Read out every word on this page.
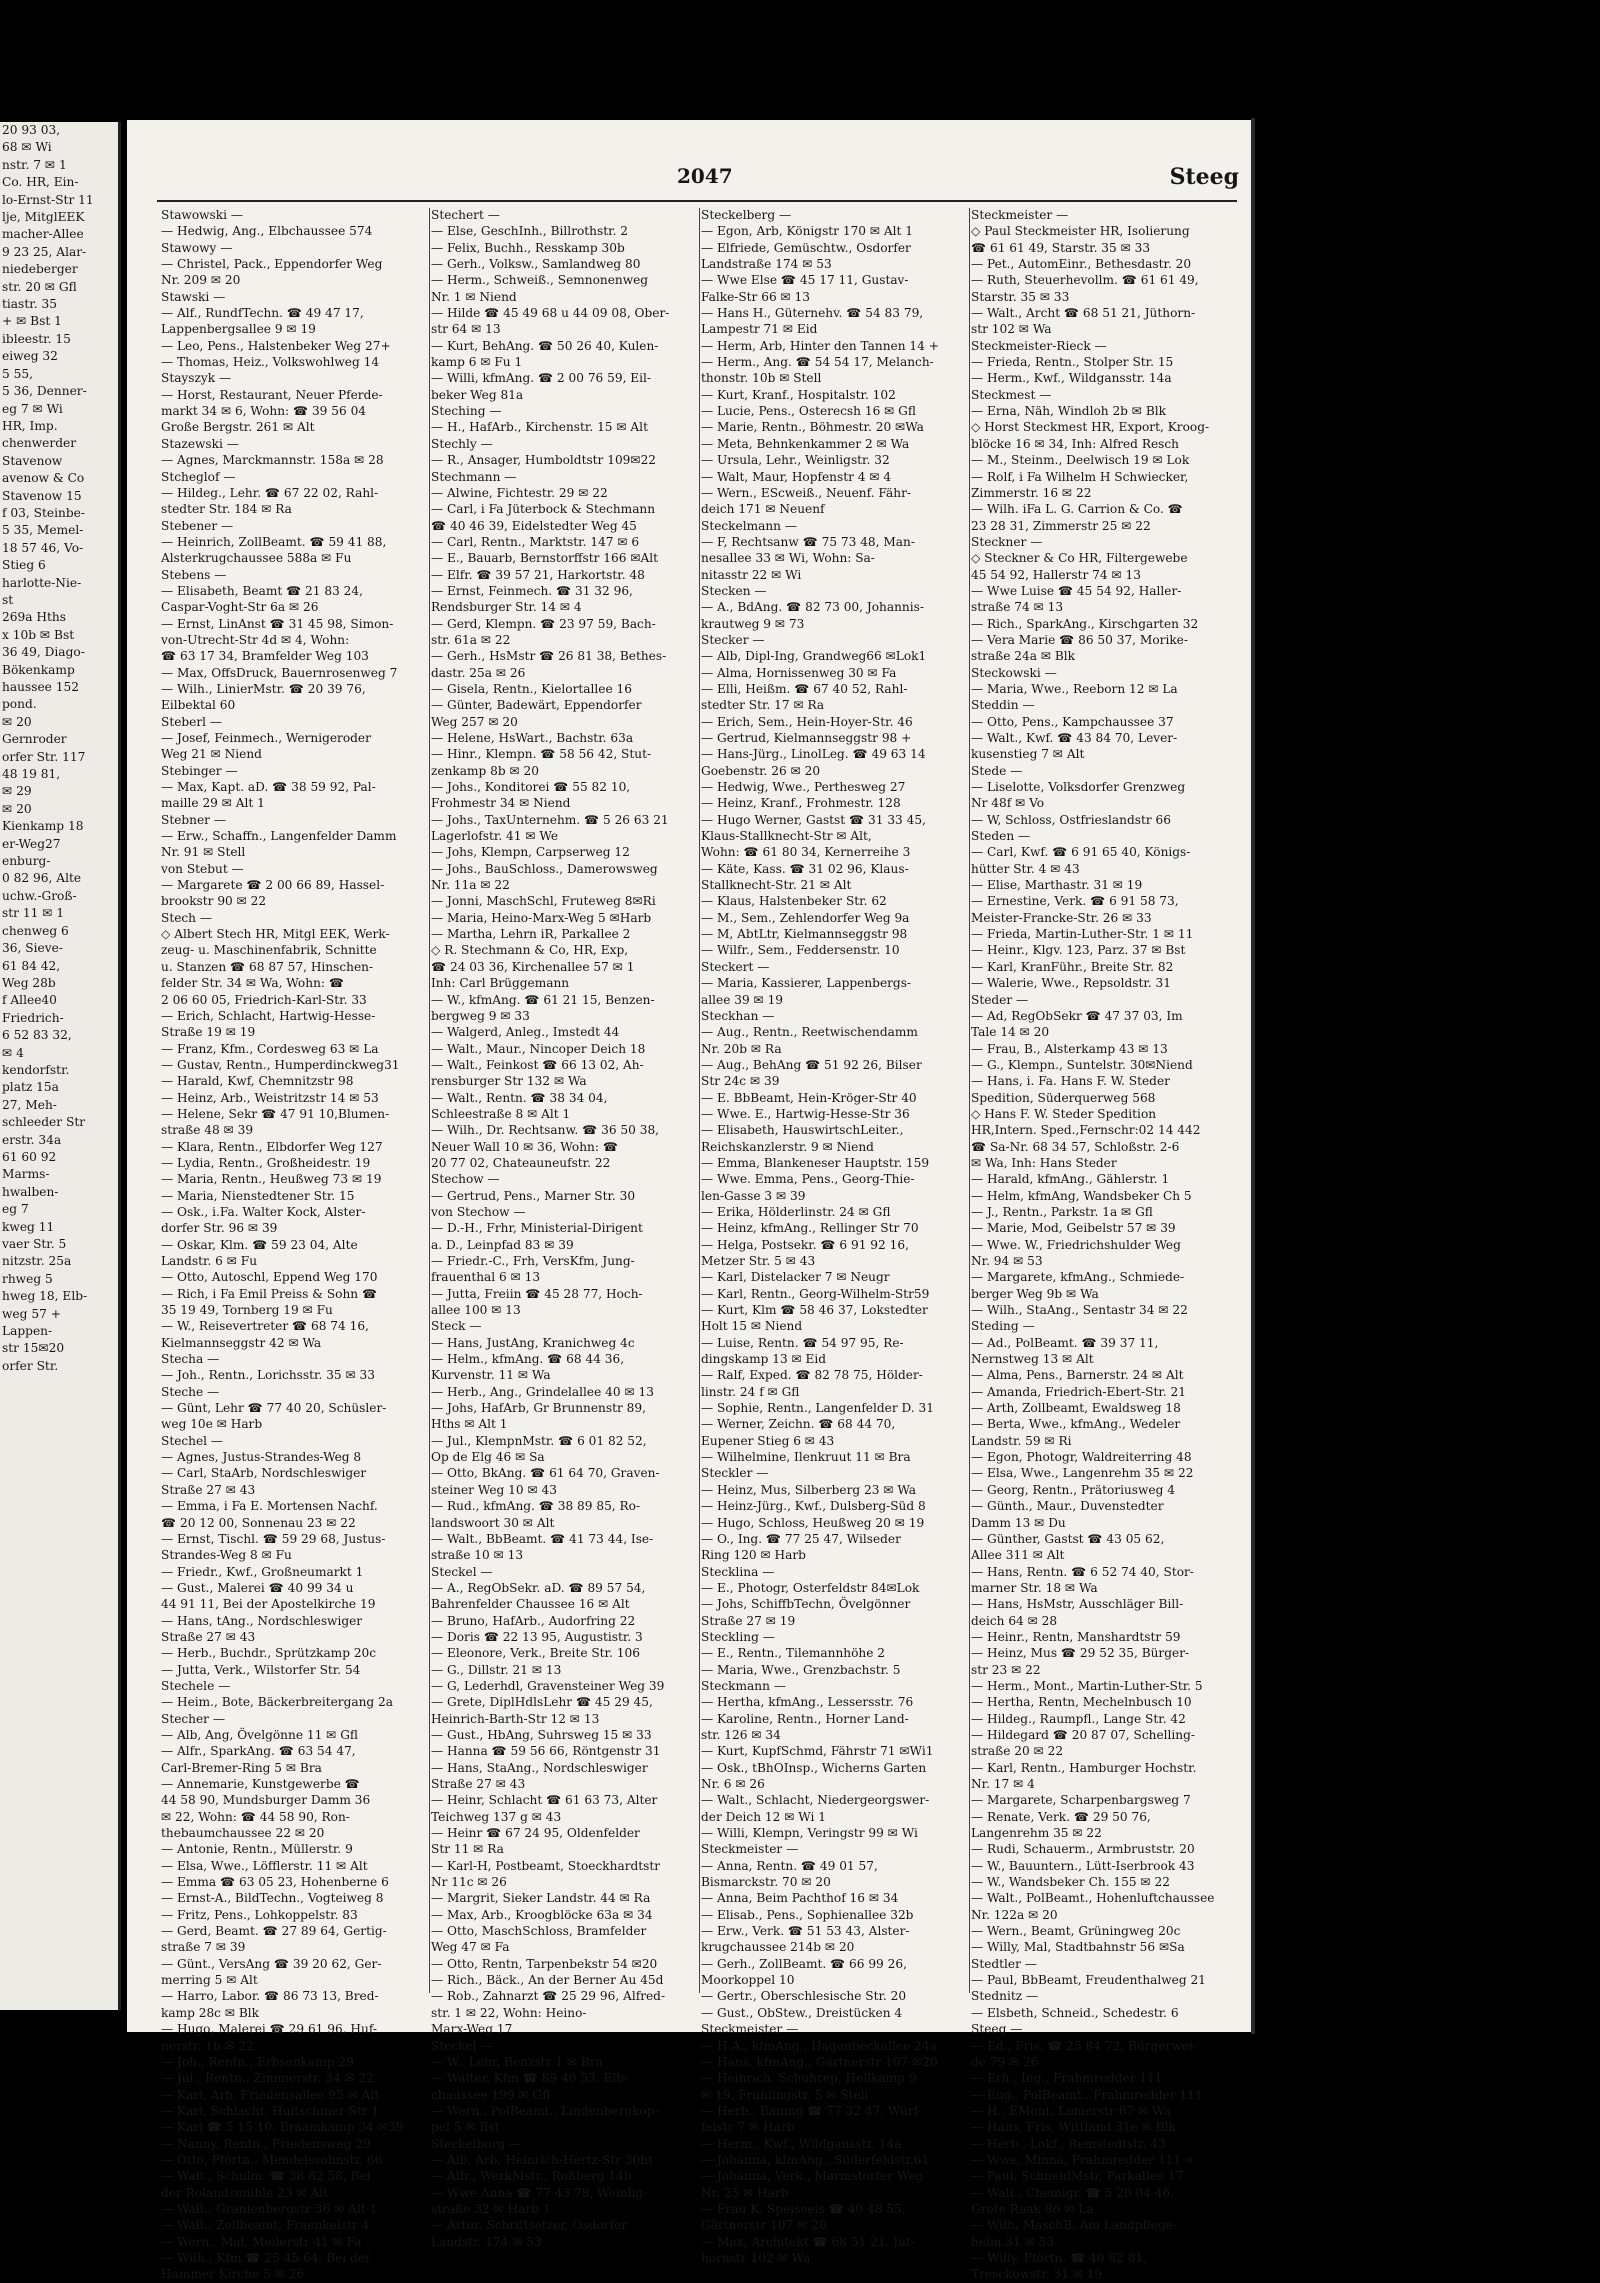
20 93 03,
68 ✉ Wi
nstr. 7 ✉ 1
Co. HR, Ein-
lo-Ernst-Str 11
lje, MitglEEK
macher-Allee
9 23 25, Alar-
niedeberger
str. 20 ✉ Gfl
tiastr. 35
+ ✉ Bst 1
ibleestr. 15
eiweg 32
5 55,
5 36, Denner-
eg 7 ✉ Wi
HR, Imp.
chenwerder
Stavenow
avenow & Co
Stavenow 15
f 03, Steinbe-
5 35, Memel-
18 57 46, Vo-
Stieg 6
harlotte-Nie-
st
269a Hths
x 10b ✉ Bst
36 49, Diago-
Bökenkamp
haussee 152
pond.
✉ 20
Gernroder
orfer Str. 117
48 19 81,
✉ 29
✉ 20
Kienkamp 18
er-Weg27
enburg-
0 82 96, Alte
uchw.-Groß-
str 11 ✉ 1
chenweg 6
36, Sieve-
61 84 42,
Weg 28b
f Allee40
Friedrich-
6 52 83 32,
✉ 4
kendorfstr.
platz 15a
27, Meh-
schleeder Str
erstr. 34a
61 60 92
Marms-
hwalben-
eg 7
kweg 11
vaer Str. 5
nitzstr. 25a
rhweg 5
hweg 18, Elb-
weg 57 +
Lappen-
str 15✉20
orfer Str.
2047	Steeg
Stawowski —
— Hedwig, Ang., Elbchaussee 574
Stawowy —
— Christel, Pack., Eppendorfer Weg
Nr. 209 ✉ 20
Stawski —
— Alf., RundfTechn. ☎ 49 47 17,
Lappenbergsallee 9 ✉ 19
— Leo, Pens., Halstenbeker Weg 27+
— Thomas, Heiz., Volkswohlweg 14
Stayszyk —
— Horst, Restaurant, Neuer Pferde-
markt 34 ✉ 6, Wohn: ☎ 39 56 04
Große Bergstr. 261 ✉ Alt
Stazewski —
— Agnes, Marckmannstr. 158a ✉ 28
Stcheglof —
— Hildeg., Lehr. ☎ 67 22 02, Rahl-
stedter Str. 184 ✉ Ra
Stebener —
— Heinrich, ZollBeamt. ☎ 59 41 88,
Alsterkrugchaussee 588a ✉ Fu
Stebens —
— Elisabeth, Beamt ☎ 21 83 24,
Caspar-Voght-Str 6a ✉ 26
— Ernst, LinAnst ☎ 31 45 98, Simon-
von-Utrecht-Str 4d ✉ 4, Wohn:
☎ 63 17 34, Bramfelder Weg 103
— Max, OffsDruck, Bauernrosenweg 7
— Wilh., LinierMstr. ☎ 20 39 76,
Eilbektal 60
Steberl —
— Josef, Feinmech., Wernigeroder
Weg 21 ✉ Niend
Stebinger —
— Max, Kapt. aD. ☎ 38 59 92, Pal-
maille 29 ✉ Alt 1
Stebner —
— Erw., Schaffn., Langenfelder Damm
Nr. 91 ✉ Stell
von Stebut —
— Margarete ☎ 2 00 66 89, Hassel-
brookstr 90 ✉ 22
Stech —
◇ Albert Stech HR, Mitgl EEK, Werk-
zeug- u. Maschinenfabrik, Schnitte
u. Stanzen ☎ 68 87 57, Hinschen-
felder Str. 34 ✉ Wa, Wohn: ☎
2 06 60 05, Friedrich-Karl-Str. 33
— Erich, Schlacht, Hartwig-Hesse-
Straße 19 ✉ 19
— Franz, Kfm., Cordesweg 63 ✉ La
— Gustav, Rentn., Humperdinckweg31
— Harald, Kwf, Chemnitzstr 98
— Heinz, Arb., Weistritzstr 14 ✉ 53
— Helene, Sekr ☎ 47 91 10,Blumen-
straße 48 ✉ 39
— Klara, Rentn., Elbdorfer Weg 127
— Lydia, Rentn., Großheidestr. 19
— Maria, Rentn., Heußweg 73 ✉ 19
— Maria, Nienstedtener Str. 15
— Osk., i.Fa. Walter Kock, Alster-
dorfer Str. 96 ✉ 39
— Oskar, Klm. ☎ 59 23 04, Alte
Landstr. 6 ✉ Fu
— Otto, Autoschl, Eppend Weg 170
— Rich, i Fa Emil Preiss & Sohn ☎
35 19 49, Tornberg 19 ✉ Fu
— W., Reisevertreter ☎ 68 74 16,
Kielmannseggstr 42 ✉ Wa
Stecha —
— Joh., Rentn., Lorichsstr. 35 ✉ 33
Steche —
— Günt, Lehr ☎ 77 40 20, Schüsler-
weg 10e ✉ Harb
Stechel —
— Agnes, Justus-Strandes-Weg 8
— Carl, StaArb, Nordschleswiger
Straße 27 ✉ 43
— Emma, i Fa E. Mortensen Nachf.
☎ 20 12 00, Sonnenau 23 ✉ 22
— Ernst, Tischl. ☎ 59 29 68, Justus-
Strandes-Weg 8 ✉ Fu
— Friedr., Kwf., Großneumarkt 1
— Gust., Malerei ☎ 40 99 34 u
44 91 11, Bei der Apostelkirche 19
— Hans, tAng., Nordschleswiger
Straße 27 ✉ 43
— Herb., Buchdr., Sprützkamp 20c
— Jutta, Verk., Wilstorfer Str. 54
Stechele —
— Heim., Bote, Bäckerbreitergang 2a
Stecher —
— Alb, Ang, Övelgönne 11 ✉ Gfl
— Alfr., SparkAng. ☎ 63 54 47,
Carl-Bremer-Ring 5 ✉ Bra
— Annemarie, Kunstgewerbe ☎
44 58 90, Mundsburger Damm 36
✉ 22, Wohn: ☎ 44 58 90, Ron-
thebaumchaussee 22 ✉ 20
— Antonie, Rentn., Müllerstr. 9
— Elsa, Wwe., Löfflerstr. 11 ✉ Alt
— Emma ☎ 63 05 23, Hohenberne 6
— Ernst-A., BildTechn., Vogteiweg 8
— Fritz, Pens., Lohkoppelstr. 83
— Gerd, Beamt. ☎ 27 89 64, Gertig-
straße 7 ✉ 39
— Günt., VersAng ☎ 39 20 62, Ger-
merring 5 ✉ Alt
— Harro, Labor. ☎ 86 73 13, Bred-
kamp 28c ✉ Blk
— Hugo, Malerei ☎ 29 61 96, Huf-
nerstr. 1b ✉ 22
— Joh., Rentn., Erbsenkamp 29
— Jul., Rentn., Zimmerstr. 34 ✉ 22
— Karl, Arb, Friedensallee 95 ✉ Alt
— Karl, Schlacht, Hultschiner Str 1
— Karl ☎ 5 15 10, Braamkamp 34 ✉39
— Nanny, Rentn., Friedensweg 29
— Otto, Pförtn., Mendelssohnstr. 66
— Walt., Schulm. ☎ 38 82 58, Bei
der Rolandsmühle 23 ✉ Alt
— Walt., Granienbergstr 36 ✉ Alt 1
— Walt., Zollbeamt, Fraenkelstr 4
— Wern., Mal, Meilerstr 41 ✉ Fa
— Wilh., Kfm ☎ 25 45 64, Bei der
Hammer Kirche 5 ✉ 26
Stechert —
— Else, GeschInh., Billrothstr. 2
— Felix, Buchh., Resskamp 30b
— Gerh., Volksw., Samlandweg 80
— Herm., Schweiß., Semnonenweg
Nr. 1 ✉ Niend
— Hilde ☎ 45 49 68 u 44 09 08, Ober-
str 64 ✉ 13
— Kurt, BehAng. ☎ 50 26 40, Kulen-
kamp 6 ✉ Fu 1
— Willi, kfmAng. ☎ 2 00 76 59, Eil-
beker Weg 81a
Steching —
— H., HafArb., Kirchenstr. 15 ✉ Alt
Stechly —
— R., Ansager, Humboldtstr 109✉22
Stechmann —
— Alwine, Fichtestr. 29 ✉ 22
— Carl, i Fa Jüterbock & Stechmann
☎ 40 46 39, Eidelstedter Weg 45
— Carl, Rentn., Marktstr. 147 ✉ 6
— E., Bauarb, Bernstorffstr 166 ✉Alt
— Elfr. ☎ 39 57 21, Harkortstr. 48
— Ernst, Feinmech. ☎ 31 32 96,
Rendsburger Str. 14 ✉ 4
— Gerd, Klempn. ☎ 23 97 59, Bach-
str. 61a ✉ 22
— Gerh., HsMstr ☎ 26 81 38, Bethes-
dastr. 25a ✉ 26
— Gisela, Rentn., Kielortallee 16
— Günter, Badewärt, Eppendorfer
Weg 257 ✉ 20
— Helene, HsWart., Bachstr. 63a
— Hinr., Klempn. ☎ 58 56 42, Stut-
zenkamp 8b ✉ 20
— Johs., Konditorei ☎ 55 82 10,
Frohmestr 34 ✉ Niend
— Johs., TaxUnternehm. ☎ 5 26 63 21
Lagerlofstr. 41 ✉ We
— Johs, Klempn, Carpserweg 12
— Johs., BauSchloss., Damerowsweg
Nr. 11a ✉ 22
— Jonni, MaschSchl, Fruteweg 8✉Ri
— Maria, Heino-Marx-Weg 5 ✉Harb
— Martha, Lehrn iR, Parkallee 2
◇ R. Stechmann & Co, HR, Exp,
☎ 24 03 36, Kirchenallee 57 ✉ 1
Inh: Carl Brüggemann
— W., kfmAng. ☎ 61 21 15, Benzen-
bergweg 9 ✉ 33
— Walgerd, Anleg., Imstedt 44
— Walt., Maur., Nincoper Deich 18
— Walt., Feinkost ☎ 66 13 02, Ah-
rensburger Str 132 ✉ Wa
— Walt., Rentn. ☎ 38 34 04,
Schleestraße 8 ✉ Alt 1
— Wilh., Dr. Rechtsanw. ☎ 36 50 38,
Neuer Wall 10 ✉ 36, Wohn: ☎
20 77 02, Chateauneufstr. 22
Stechow —
— Gertrud, Pens., Marner Str. 30
von Stechow —
— D.-H., Frhr, Ministerial-Dirigent
a. D., Leinpfad 83 ✉ 39
— Friedr.-C., Frh, VersKfm, Jung-
frauenthal 6 ✉ 13
— Jutta, Freiin ☎ 45 28 77, Hoch-
allee 100 ✉ 13
Steck —
— Hans, JustAng, Kranichweg 4c
— Helm., kfmAng. ☎ 68 44 36,
Kurvenstr. 11 ✉ Wa
— Herb., Ang., Grindelallee 40 ✉ 13
— Johs, HafArb, Gr Brunnenstr 89,
Hths ✉ Alt 1
— Jul., KlempnMstr. ☎ 6 01 82 52,
Op de Elg 46 ✉ Sa
— Otto, BkAng. ☎ 61 64 70, Graven-
steiner Weg 10 ✉ 43
— Rud., kfmAng. ☎ 38 89 85, Ro-
landswoort 30 ✉ Alt
— Walt., BbBeamt. ☎ 41 73 44, Ise-
straße 10 ✉ 13
Steckel —
— A., RegObSekr. aD. ☎ 89 57 54,
Bahrenfelder Chaussee 16 ✉ Alt
— Bruno, HafArb., Audorfring 22
— Doris ☎ 22 13 95, Augustistr. 3
— Eleonore, Verk., Breite Str. 106
— G., Dillstr. 21 ✉ 13
— G, Lederhdl, Gravensteiner Weg 39
— Grete, DiplHdlsLehr ☎ 45 29 45,
Heinrich-Barth-Str 12 ✉ 13
— Gust., HbAng, Suhrsweg 15 ✉ 33
— Hanna ☎ 59 56 66, Röntgenstr 31
— Hans, StaAng., Nordschleswiger
Straße 27 ✉ 43
— Heinr, Schlacht ☎ 61 63 73, Alter
Teichweg 137 g ✉ 43
— Heinr ☎ 67 24 95, Oldenfelder
Str 11 ✉ Ra
— Karl-H, Postbeamt, Stoeckhardtstr
Nr 11c ✉ 26
— Margrit, Sieker Landstr. 44 ✉ Ra
— Max, Arb., Kroogblöcke 63a ✉ 34
— Otto, MaschSchloss, Bramfelder
Weg 47 ✉ Fa
— Otto, Rentn, Tarpenbekstr 54 ✉20
— Rich., Bäck., An der Berner Au 45d
— Rob., Zahnarzt ☎ 25 29 96, Alfred-
str. 1 ✉ 22, Wohn: Heino-
Marx-Weg 17
Steckel —
— W., Lehr, Benzstr 1 ✉ Bra
— Walter, Kfm ☎ 89 40 53, Elb-
chaussee 199 ✉ Gfl
— Wern., PolBeamt., Lindenbergkop-
pel 5 ✉ Bst
Steckelborg —
— Alb, Arb, Heinrich-Hertz-Str 30ht
— Alfr., WerkMstr., Roßberg 14b
— Wwe Anna ☎ 77 43 78, Weinlig-
straße 32 ✉ Harb 1
— Artur, Schriftsetzer, Osdorfer
Landstr. 174 ✉ 53
Steckelberg —
— Egon, Arb, Königstr 170 ✉ Alt 1
— Elfriede, Gemüschtw., Osdorfer
Landstraße 174 ✉ 53
— Wwe Else ☎ 45 17 11, Gustav-
Falke-Str 66 ✉ 13
— Hans H., Güternehv. ☎ 54 83 79,
Lampestr 71 ✉ Eid
— Herm, Arb, Hinter den Tannen 14 +
— Herm., Ang. ☎ 54 54 17, Melanch-
thonstr. 10b ✉ Stell
— Kurt, Kranf., Hospitalstr. 102
— Lucie, Pens., Osterecsh 16 ✉ Gfl
— Marie, Rentn., Böhmestr. 20 ✉Wa
— Meta, Behnkenkammer 2 ✉ Wa
— Ursula, Lehr., Weinligstr. 32
— Walt, Maur, Hopfenstr 4 ✉ 4
— Wern., EScweiß., Neuenf. Fähr-
deich 171 ✉ Neuenf
Steckelmann —
— F, Rechtsanw ☎ 75 73 48, Man-
nesallee 33 ✉ Wi, Wohn: Sa-
nitasstr 22 ✉ Wi
Stecken —
— A., BdAng. ☎ 82 73 00, Johannis-
krautweg 9 ✉ 73
Stecker —
— Alb, Dipl-Ing, Grandweg66 ✉Lok1
— Alma, Hornissenweg 30 ✉ Fa
— Elli, Heißm. ☎ 67 40 52, Rahl-
stedter Str. 17 ✉ Ra
— Erich, Sem., Hein-Hoyer-Str. 46
— Gertrud, Kielmannseggstr 98 +
— Hans-Jürg., LinolLeg. ☎ 49 63 14
Goebenstr. 26 ✉ 20
— Hedwig, Wwe., Perthesweg 27
— Heinz, Kranf., Frohmestr. 128
— Hugo Werner, Gastst ☎ 31 33 45,
Klaus-Stallknecht-Str ✉ Alt,
Wohn: ☎ 61 80 34, Kernerreihe 3
— Käte, Kass. ☎ 31 02 96, Klaus-
Stallknecht-Str. 21 ✉ Alt
— Klaus, Halstenbeker Str. 62
— M., Sem., Zehlendorfer Weg 9a
— M, AbtLtr, Kielmannseggstr 98
— Wilfr., Sem., Feddersenstr. 10
Steckert —
— Maria, Kassierer, Lappenbergs-
allee 39 ✉ 19
Steckhan —
— Aug., Rentn., Reetwischendamm
Nr. 20b ✉ Ra
— Aug., BehAng ☎ 51 92 26, Bilser
Str 24c ✉ 39
— E. BbBeamt, Hein-Kröger-Str 40
— Wwe. E., Hartwig-Hesse-Str 36
— Elisabeth, HauswirtschLeiter.,
Reichskanzlerstr. 9 ✉ Niend
— Emma, Blankeneser Hauptstr. 159
— Wwe. Emma, Pens., Georg-Thie-
len-Gasse 3 ✉ 39
— Erika, Hölderlinstr. 24 ✉ Gfl
— Heinz, kfmAng., Rellinger Str 70
— Helga, Postsekr. ☎ 6 91 92 16,
Metzer Str. 5 ✉ 43
— Karl, Distelacker 7 ✉ Neugr
— Karl, Rentn., Georg-Wilhelm-Str59
— Kurt, Klm ☎ 58 46 37, Lokstedter
Holt 15 ✉ Niend
— Luise, Rentn. ☎ 54 97 95, Re-
dingskamp 13 ✉ Eid
— Ralf, Exped. ☎ 82 78 75, Hölder-
linstr. 24 f ✉ Gfl
— Sophie, Rentn., Langenfelder D. 31
— Werner, Zeichn. ☎ 68 44 70,
Eupener Stieg 6 ✉ 43
— Wilhelmine, Ilenkruut 11 ✉ Bra
Steckler —
— Heinz, Mus, Silberberg 23 ✉ Wa
— Heinz-Jürg., Kwf., Dulsberg-Süd 8
— Hugo, Schloss, Heußweg 20 ✉ 19
— O., Ing. ☎ 77 25 47, Wilseder
Ring 120 ✉ Harb
Stecklina —
— E., Photogr, Osterfeldstr 84✉Lok
— Johs, SchiffbTechn, Övelgönner
Straße 27 ✉ 19
Steckling —
— E., Rentn., Tilemannhöhe 2
— Maria, Wwe., Grenzbachstr. 5
Steckmann —
— Hertha, kfmAng., Lessersstr. 76
— Karoline, Rentn., Horner Land-
str. 126 ✉ 34
— Kurt, KupfSchmd, Fährstr 71 ✉Wi1
— Osk., tBhOInsp., Wicherns Garten
Nr. 6 ✉ 26
— Walt., Schlacht, Niedergeorgswer-
der Deich 12 ✉ Wi 1
— Willi, Klempn, Veringstr 99 ✉ Wi
Steckmeister —
— Anna, Rentn. ☎ 49 01 57,
Bismarckstr. 70 ✉ 20
— Anna, Beim Pachthof 16 ✉ 34
— Elisab., Pens., Sophienallee 32b
— Erw., Verk. ☎ 51 53 43, Alster-
krugchaussee 214b ✉ 20
— Gerh., ZollBeamt. ☎ 66 99 26,
Moorkoppel 10
— Gertr., Oberschlesische Str. 20
— Gust., ObStew., Dreistücken 4
Steckmeister —
— H.A., kfmAng., Hagenbeckallee 24a
— Hans, kfmAng., Gärtnerstr 107 ✉20
— Heinrich, Schuhrep, Hellkamp 9
✉ 19, Frühlingstr. 5 ✉ Stell
— Herb., Bauing ☎ 77 32 47, Würf-
felstr 7 ✉ Harb
— Herm., Kwf., Wildgansstr. 14a
— Johanna, kfmAng., Süderfeldstr.61
— Johanna, Verk., Marmstorfer Weg
Nr. 25 ✉ Harb
— Frau K, Speiseeis ☎ 40 48 55,
Gärtnerstr 107 ✉ 20
— Max, Architekt ☎ 68 51 21, Jüt-
hornstr 102 ✉ Wa
Steckmeister —
◇ Paul Steckmeister HR, Isolierung
☎ 61 61 49, Starstr. 35 ✉ 33
— Pet., AutomEinr., Bethesdastr. 20
— Ruth, Steuerhevollm. ☎ 61 61 49,
Starstr. 35 ✉ 33
— Walt., Archt ☎ 68 51 21, Jüthorn-
str 102 ✉ Wa
Steckmeister-Rieck —
— Frieda, Rentn., Stolper Str. 15
— Herm., Kwf., Wildgansstr. 14a
Steckmest —
— Erna, Näh, Windloh 2b ✉ Blk
◇ Horst Steckmest HR, Export, Kroog-
blöcke 16 ✉ 34, Inh: Alfred Resch
— M., Steinm., Deelwisch 19 ✉ Lok
— Rolf, i Fa Wilhelm H Schwiecker,
Zimmerstr. 16 ✉ 22
— Wilh. iFa L. G. Carrion & Co. ☎
23 28 31, Zimmerstr 25 ✉ 22
Steckner —
◇ Steckner & Co HR, Filtergewebe
45 54 92, Hallerstr 74 ✉ 13
— Wwe Luise ☎ 45 54 92, Haller-
straße 74 ✉ 13
— Rich., SparkAng., Kirschgarten 32
— Vera Marie ☎ 86 50 37, Morike-
straße 24a ✉ Blk
Steckowski —
— Maria, Wwe., Reeborn 12 ✉ La
Steddin —
— Otto, Pens., Kampchaussee 37
— Walt., Kwf. ☎ 43 84 70, Lever-
kusenstieg 7 ✉ Alt
Stede —
— Liselotte, Volksdorfer Grenzweg
Nr 48f ✉ Vo
— W, Schloss, Ostfrieslandstr 66
Steden —
— Carl, Kwf. ☎ 6 91 65 40, Königs-
hütter Str. 4 ✉ 43
— Elise, Marthastr. 31 ✉ 19
— Ernestine, Verk. ☎ 6 91 58 73,
Meister-Francke-Str. 26 ✉ 33
— Frieda, Martin-Luther-Str. 1 ✉ 11
— Heinr., Klgv. 123, Parz. 37 ✉ Bst
— Karl, KranFühr., Breite Str. 82
— Walerie, Wwe., Repsoldstr. 31
Steder —
— Ad, RegObSekr ☎ 47 37 03, Im
Tale 14 ✉ 20
— Frau, B., Alsterkamp 43 ✉ 13
— G., Klempn., Suntelstr. 30✉Niend
— Hans, i. Fa. Hans F. W. Steder
Spedition, Süderquerweg 568
◇ Hans F. W. Steder Spedition
HR,Intern. Sped.,Fernschr:02 14 442
☎ Sa-Nr. 68 34 57, Schloßstr. 2-6
✉ Wa, Inh: Hans Steder
— Harald, kfmAng., Gählerstr. 1
— Helm, kfmAng, Wandsbeker Ch 5
— J., Rentn., Parkstr. 1a ✉ Gfl
— Marie, Mod, Geibelstr 57 ✉ 39
— Wwe. W., Friedrichshulder Weg
Nr. 94 ✉ 53
— Margarete, kfmAng., Schmiede-
berger Weg 9b ✉ Wa
— Wilh., StaAng., Sentastr 34 ✉ 22
Steding —
— Ad., PolBeamt. ☎ 39 37 11,
Nernstweg 13 ✉ Alt
— Alma, Pens., Barnerstr. 24 ✉ Alt
— Amanda, Friedrich-Ebert-Str. 21
— Arth, Zollbeamt, Ewaldsweg 18
— Berta, Wwe., kfmAng., Wedeler
Landstr. 59 ✉ Ri
— Egon, Photogr, Waldreiterring 48
— Elsa, Wwe., Langenrehm 35 ✉ 22
— Georg, Rentn., Prätoriusweg 4
— Günth., Maur., Duvenstedter
Damm 13 ✉ Du
— Günther, Gastst ☎ 43 05 62,
Allee 311 ✉ Alt
— Hans, Rentn. ☎ 6 52 74 40, Stor-
marner Str. 18 ✉ Wa
— Hans, HsMstr, Ausschläger Bill-
deich 64 ✉ 28
— Heinr., Rentn, Manshardtstr 59
— Heinz, Mus ☎ 29 52 35, Bürger-
str 23 ✉ 22
— Herm., Mont., Martin-Luther-Str. 5
— Hertha, Rentn, Mechelnbusch 10
— Hildeg., Raumpfl., Lange Str. 42
— Hildegard ☎ 20 87 07, Schelling-
straße 20 ✉ 22
— Karl, Rentn., Hamburger Hochstr.
Nr. 17 ✉ 4
— Margarete, Scharpenbargsweg 7
— Renate, Verk. ☎ 29 50 76,
Langenrehm 35 ✉ 22
— Rudi, Schauerm., Armbruststr. 20
— W., Bauuntern., Lütt-Iserbrook 43
— W., Wandsbeker Ch. 155 ✉ 22
— Walt., PolBeamt., Hohenluftchaussee
Nr. 122a ✉ 20
— Wern., Beamt, Grüningweg 20c
— Willy, Mal, Stadtbahnstr 56 ✉Sa
Stedtler —
— Paul, BbBeamt, Freudenthalweg 21
Stednitz —
— Elsbeth, Schneid., Schedestr. 6
Steeg —
— Ed., Fris. ☎ 25 84 72, Bürgerwei-
de 79 ✉ 26
— Erh., Ing., Frahmredder 111
— Eug., PolBeamt., Frahmredder 111
— H., EMont, Lomerstr 67 ✉ Wa
— Hans, Fris, Wittland 31e ✉ Blk
— Herb., Lokf., Remstedtstr. 43
— Wwe, Minna, Frahmredder 111 +
— Paul, SchneidMstr, Parkallee 17
— Walt., Chemigr. ☎ 5 20 04 46,
Grote Raak 86 ✉ La
— Wilh, MaschB, Am Landpflege-
heim 31 ✉ 53
— Willy, Pförtn. ☎ 40 82 81,
Tresckowstr. 31 ✉ 19
